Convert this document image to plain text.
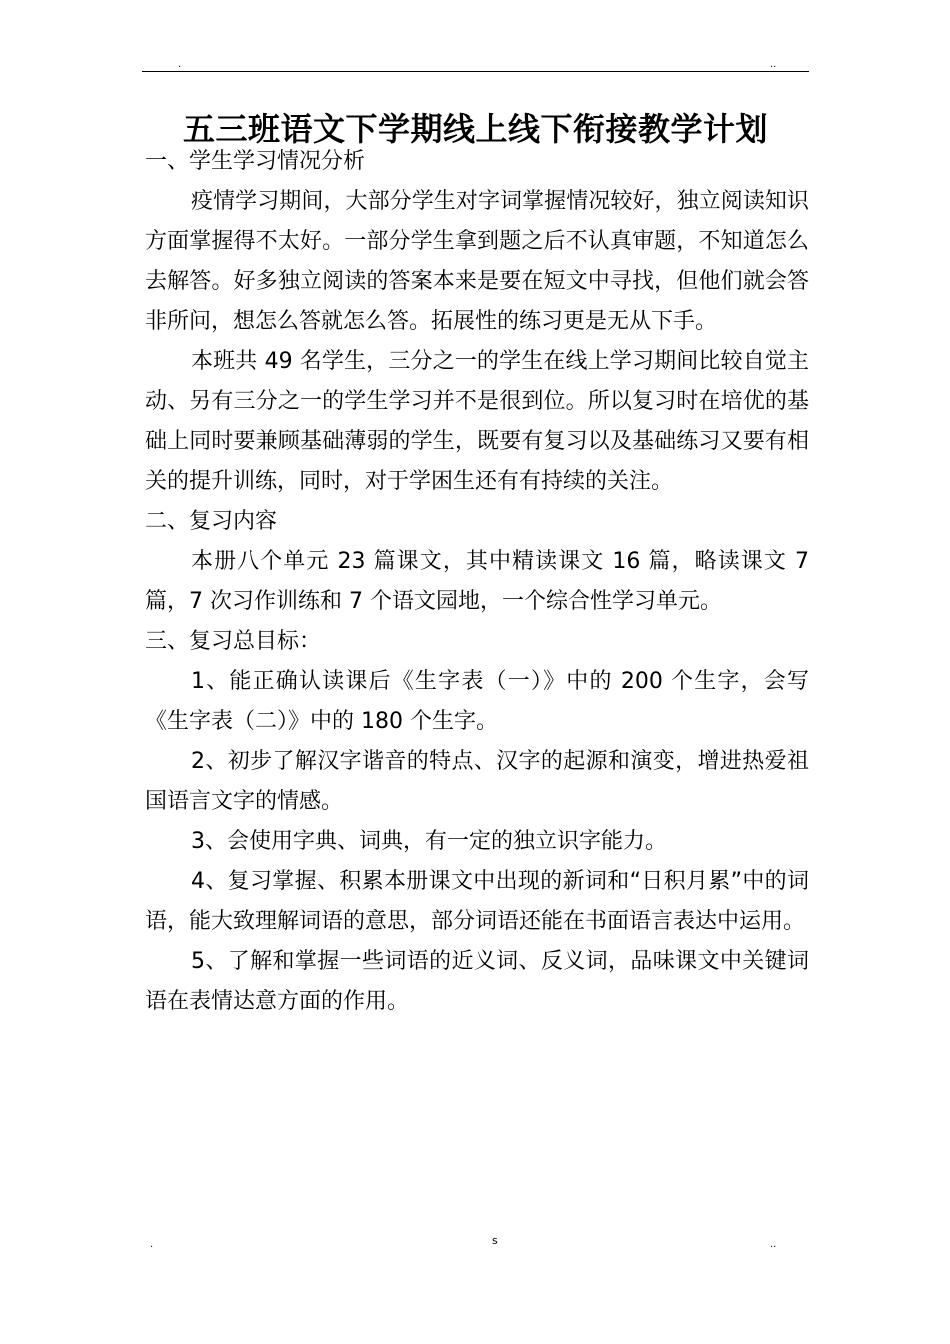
.	..
五三班语文下学期线上线下衔接教学计划

一、学生学习情况分析

疫情学习期间，大部分学生对字词掌握情况较好，独立阅读知识方面掌握得不太好。一部分学生拿到题之后不认真审题，不知道怎么去解答。好多独立阅读的答案本来是要在短文中寻找，但他们就会答非所问，想怎么答就怎么答。拓展性的练习更是无从下手。

本班共 49 名学生，三分之一的学生在线上学习期间比较自觉主动、另有三分之一的学生学习并不是很到位。所以复习时在培优的基础上同时要兼顾基础薄弱的学生，既要有复习以及基础练习又要有相关的提升训练，同时，对于学困生还有有持续的关注。

二、复习内容

本册八个单元 23 篇课文，其中精读课文 16 篇，略读课文 7 篇，7 次习作训练和 7 个语文园地，一个综合性学习单元。

三、复习总目标：

1、能正确认读课后《生字表（一）》中的 200 个生字，会写《生字表（二）》中的 180 个生字。

2、初步了解汉字谐音的特点、汉字的起源和演变，增进热爱祖国语言文字的情感。

3、会使用字典、词典，有一定的独立识字能力。

4、复习掌握、积累本册课文中出现的新词和“日积月累”中的词语，能大致理解词语的意思，部分词语还能在书面语言表达中运用。

5、了解和掌握一些词语的近义词、反义词，品味课文中关键词语在表情达意方面的作用。

.	s	..
